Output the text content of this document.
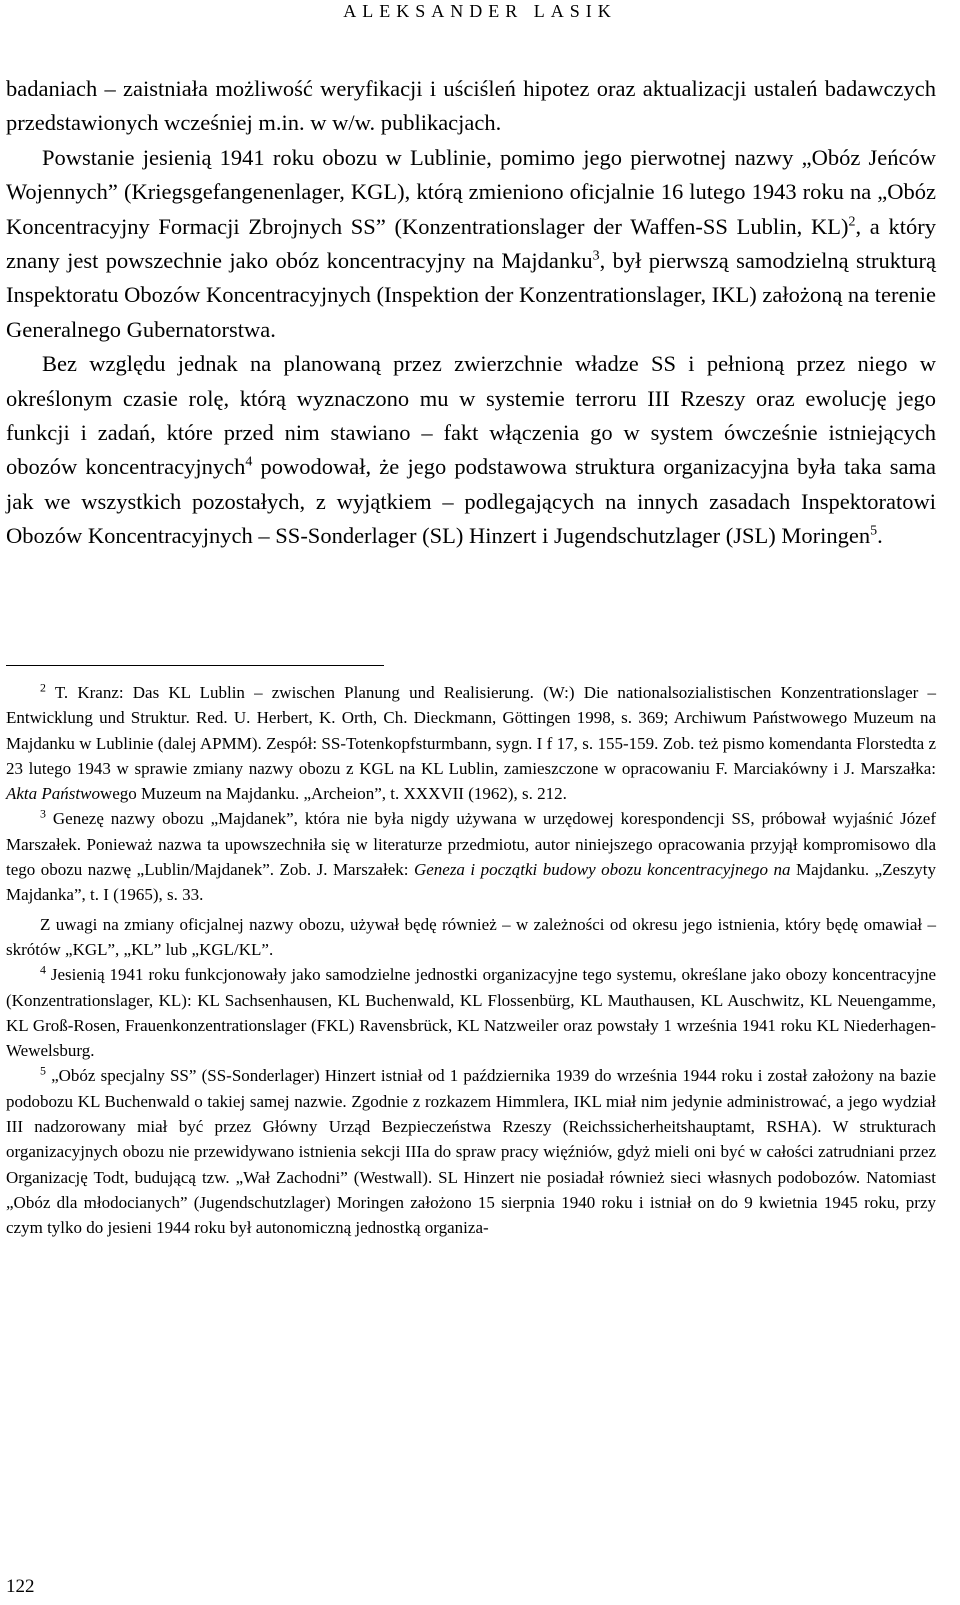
ALEKSANDER LASIK

badaniach – zaistniała możliwość weryfikacji i uściśleń hipotez oraz aktualizacji ustaleń badawczych przedstawionych wcześniej m.in. w w/w. publikacjach.

Powstanie jesienią 1941 roku obozu w Lublinie, pomimo jego pierwotnej nazwy „Obóz Jeńców Wojennych” (Kriegsgefangenenlager, KGL), którą zmieniono oficjalnie 16 lutego 1943 roku na „Obóz Koncentracyjny Formacji Zbrojnych SS” (Konzentrationslager der Waffen-SS Lublin, KL)$^2$, a który znany jest powszechnie jako obóz koncentracyjny na Majdanku$^3$, był pierwszą samodzielną strukturą Inspektoratu Obozów Koncentracyjnych (Inspektion der Konzentrationslager, IKL) założoną na terenie Generalnego Gubernatorstwa.

Bez względu jednak na planowaną przez zwierzchnie władze SS i pełnioną przez niego w określonym czasie rolę, którą wyznaczono mu w systemie terroru III Rzeszy oraz ewolucję jego funkcji i zadań, które przed nim stawiano – fakt włączenia go w system ówcześnie istniejących obozów koncentracyjnych$^4$ powodował, że jego podstawowa struktura organizacyjna była taka sama jak we wszystkich pozostałych, z wyjątkiem – podlegających na innych zasadach Inspektoratowi Obozów Koncentracyjnych – SS-Sonderlager (SL) Hinzert i Jugendschutzlager (JSL) Moringen$^5$.

$^2$ T. Kranz: Das KL Lublin – zwischen Planung und Realisierung. (W:) Die nationalsozialistischen Konzentrationslager – Entwicklung und Struktur. Red. U. Herbert, K. Orth, Ch. Dieckmann, Göttingen 1998, s. 369; Archiwum Państwowego Muzeum na Majdanku w Lublinie (dalej APMM). Zespół: SS-Totenkopfsturmbann, sygn. I f 17, s. 155-159. Zob. też pismo komendanta Florstedta z 23 lutego 1943 w sprawie zmiany nazwy obozu z KGL na KL Lublin, zamieszczone w opracowaniu F. Marciakówny i J. Marszałka: Akta Państwowego Muzeum na Majdanku. „Archeion”, t. XXXVII (1962), s. 212.

$^3$ Genezę nazwy obozu „Majdanek”, która nie była nigdy używana w urzędowej korespondencji SS, próbował wyjaśnić Józef Marszałek. Ponieważ nazwa ta upowszechniła się w literaturze przedmiotu, autor niniejszego opracowania przyjął kompromisowo dla tego obozu nazwę „Lublin/Majdanek”. Zob. J. Marszałek: Geneza i początki budowy obozu koncentracyjnego na Majdanku. „Zeszyty Majdanka”, t. I (1965), s. 33.

Z uwagi na zmiany oficjalnej nazwy obozu, używał będę również – w zależności od okresu jego istnienia, który będę omawiał – skrótów „KGL”, „KL” lub „KGL/KL”.

$^4$ Jesienią 1941 roku funkcjonowały jako samodzielne jednostki organizacyjne tego systemu, określane jako obozy koncentracyjne (Konzentrationslager, KL): KL Sachsenhausen, KL Buchenwald, KL Flossenbürg, KL Mauthausen, KL Auschwitz, KL Neuengamme, KL Groß-Rosen, Frauenkonzentrationslager (FKL) Ravensbrück, KL Natzweiler oraz powstały 1 września 1941 roku KL Niederhagen-Wewelsburg.

$^5$ „Obóz specjalny SS” (SS-Sonderlager) Hinzert istniał od 1 października 1939 do września 1944 roku i został założony na bazie podobozu KL Buchenwald o takiej samej nazwie. Zgodnie z rozkazem Himmlera, IKL miał nim jedynie administrować, a jego wydział III nadzorowany miał być przez Główny Urząd Bezpieczeństwa Rzeszy (Reichssicherheitshauptamt, RSHA). W strukturach organizacyjnych obozu nie przewidywano istnienia sekcji IIIa do spraw pracy więźniów, gdyż mieli oni być w całości zatrudniani przez Organizację Todt, budującą tzw. „Wał Zachodni” (Westwall). SL Hinzert nie posiadał również sieci własnych podobozów. Natomiast „Obóz dla młodocianych” (Jugendschutzlager) Moringen założono 15 sierpnia 1940 roku i istniał on do 9 kwietnia 1945 roku, przy czym tylko do jesieni 1944 roku był autonomiczną jednostką organiza-

122
